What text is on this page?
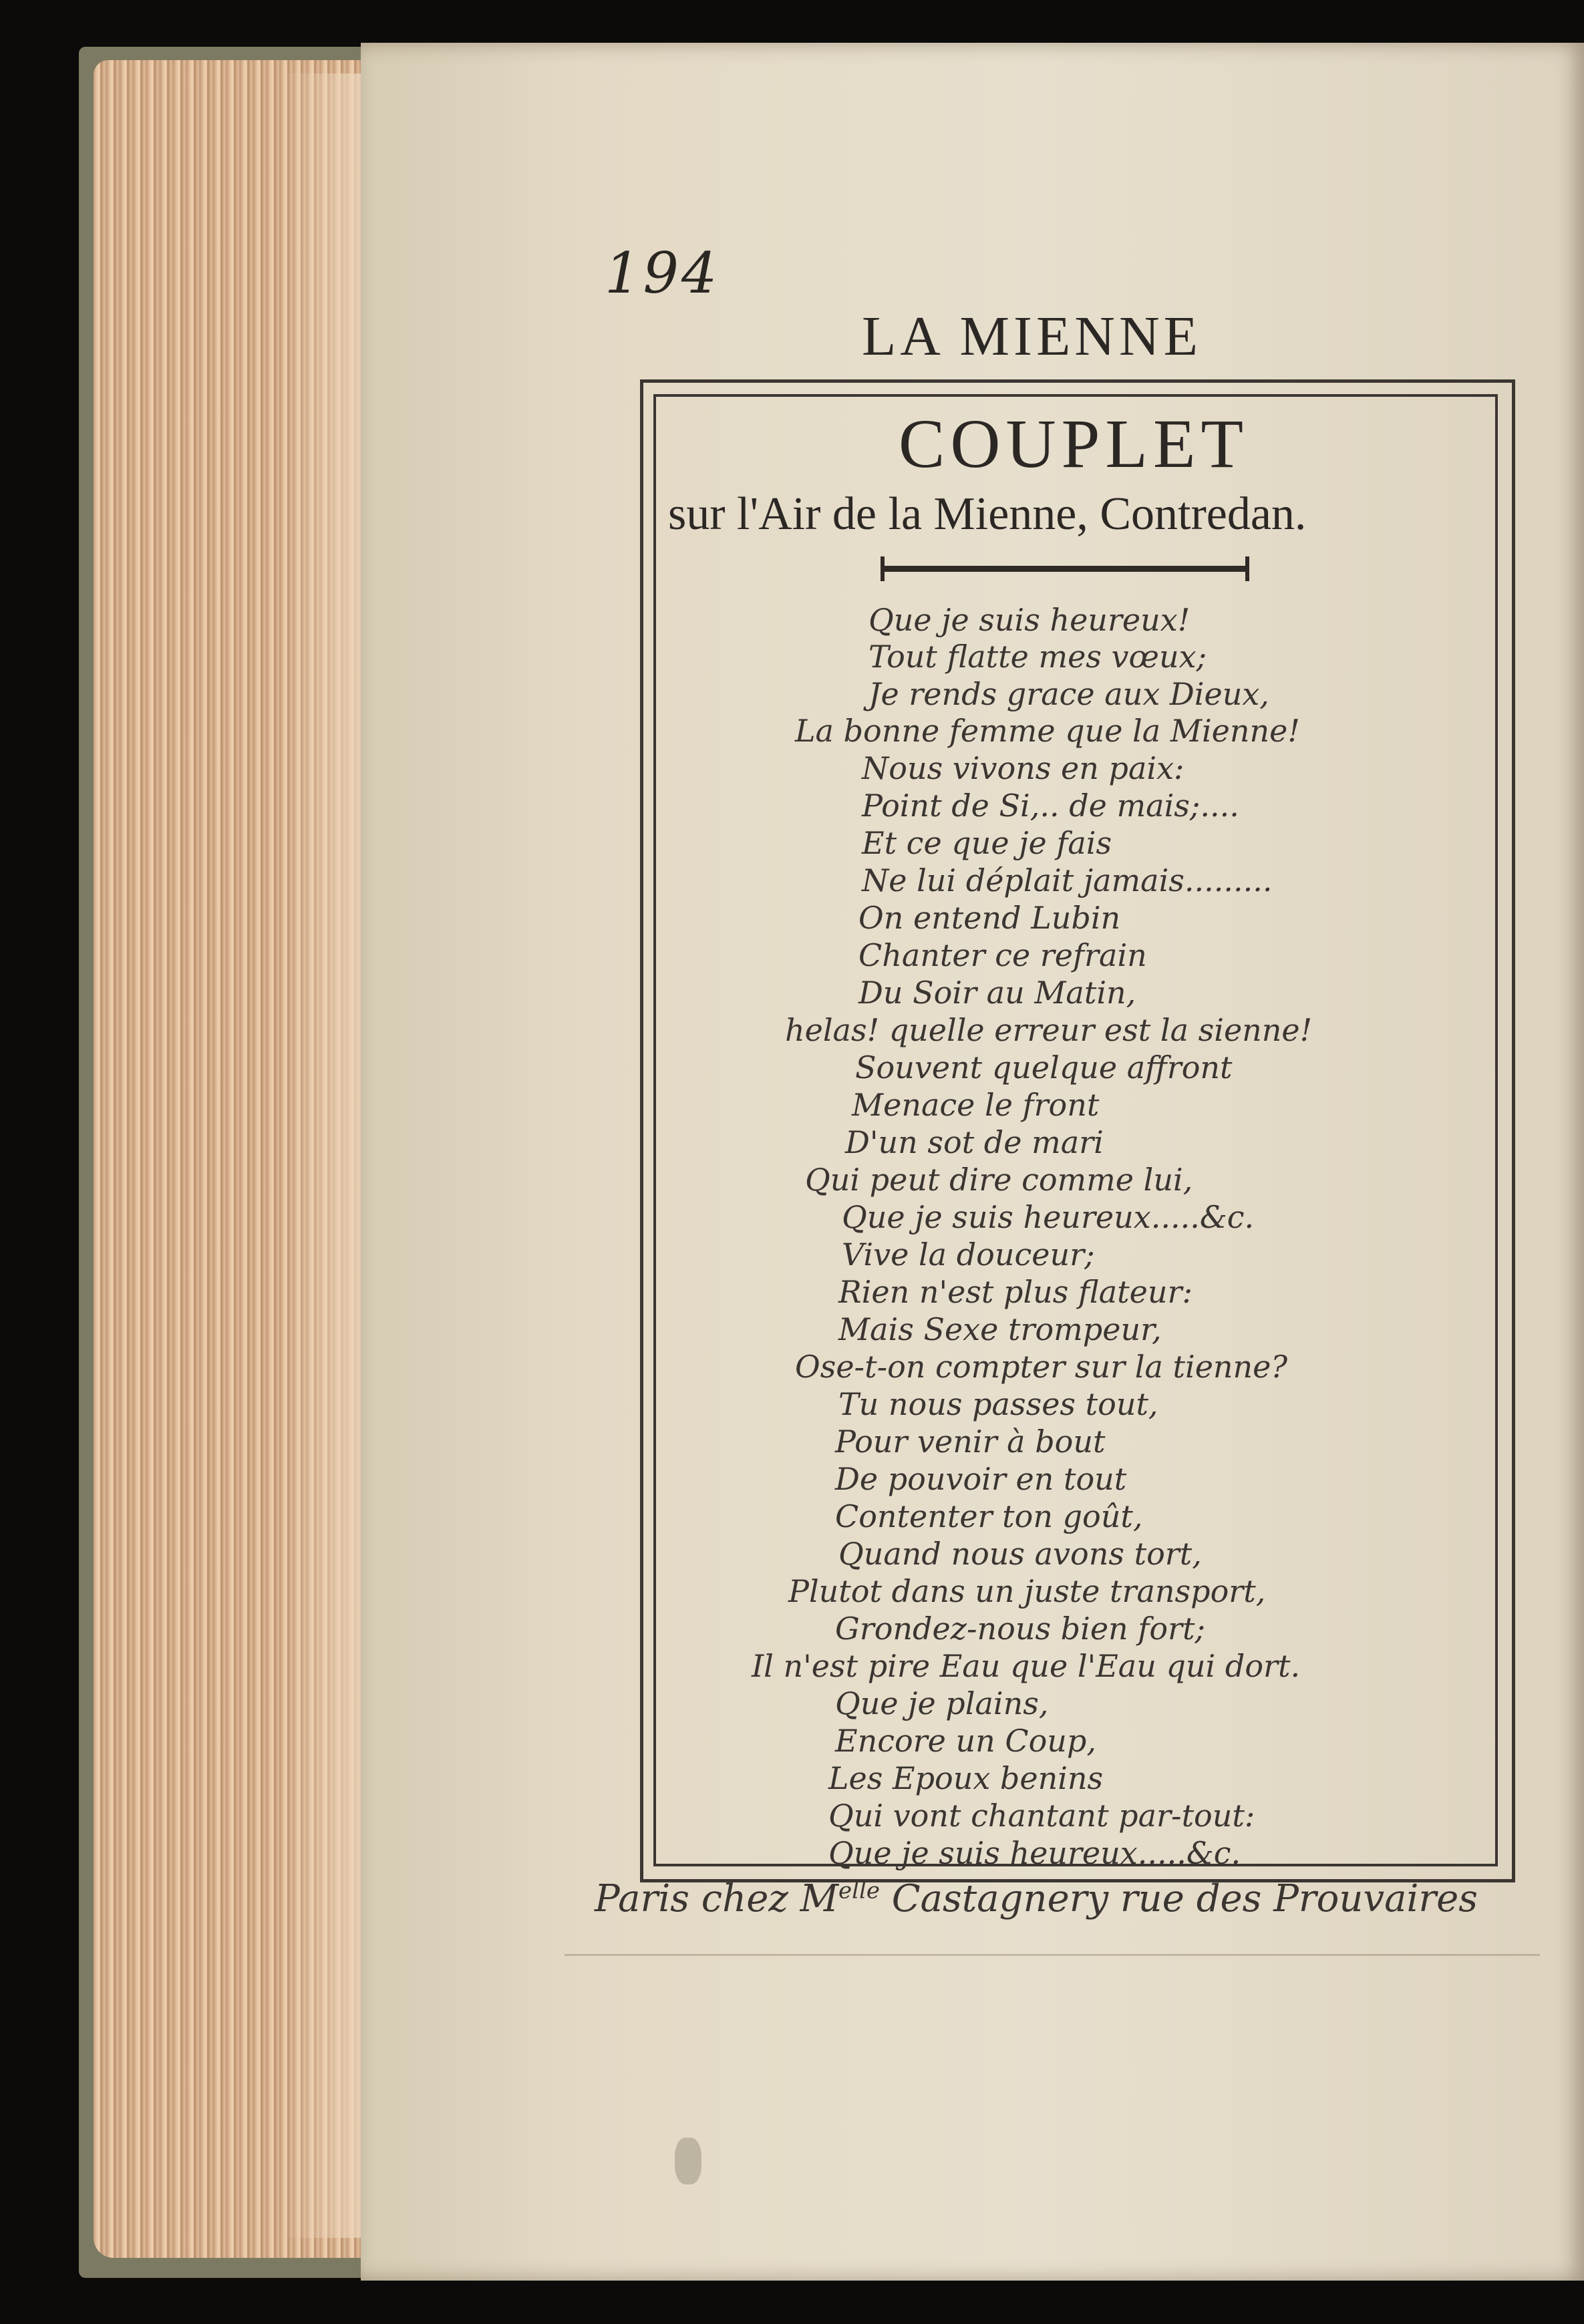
194
LA MIENNE
COUPLET
sur l'Air de la Mienne, Contredan.
Que je suis heureux!
Tout flatte mes vœux;
Je rends grace aux Dieux,
La bonne femme que la Mienne!
Nous vivons en paix:
Point de Si,.. de mais;....
Et ce que je fais
Ne lui déplait jamais.........
On entend Lubin
Chanter ce refrain
Du Soir au Matin,
helas! quelle erreur est la sienne!
Souvent quelque affront
Menace le front
D'un sot de mari
Qui peut dire comme lui,
Que je suis heureux.....&c.
Vive la douceur;
Rien n'est plus flateur:
Mais Sexe trompeur,
Ose-t-on compter sur la tienne?
Tu nous passes tout,
Pour venir à bout
De pouvoir en tout
Contenter ton goût,
Quand nous avons tort,
Plutot dans un juste transport,
Grondez-nous bien fort;
Il n'est pire Eau que l'Eau qui dort.
Que je plains,
Encore un Coup,
Les Epoux benins
Qui vont chantant par-tout:
Que je suis heureux.....&c.
Paris chez $M^{elle}$ Castagnery rue des Prouvaires
